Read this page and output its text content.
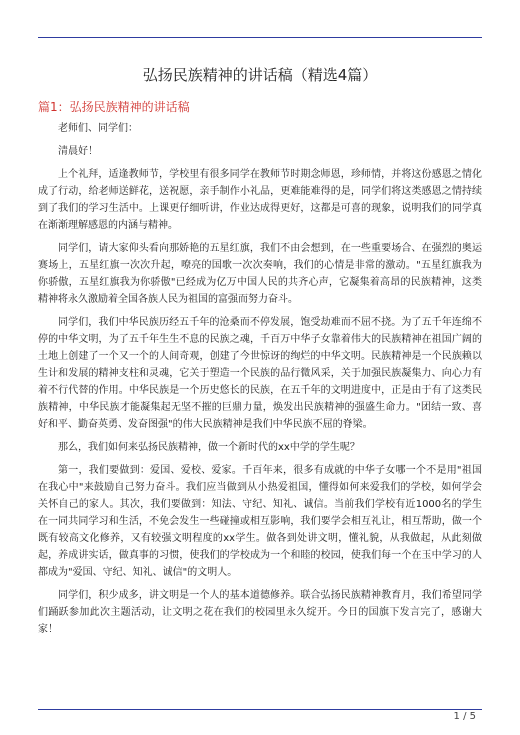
弘扬民族精神的讲话稿（精选4篇）
篇1：弘扬民族精神的讲话稿

老师们、同学们：

清晨好！

上个礼拜，适逢教师节，学校里有很多同学在教师节时期念师恩，珍师情，并将这份感恩之情化成了行动，给老师送鲜花，送祝愿，亲手制作小礼品，更难能难得的是，同学们将这类感恩之情持续到了我们的学习生活中。上课更仔细听讲，作业达成得更好，这都是可喜的现象，说明我们的同学真在渐渐理解感恩的内涵与精神。

同学们，请大家仰头看向那娇艳的五星红旗，我们不由会想到，在一些重要场合、在强烈的奥运赛场上，五星红旗一次次升起，嘹亮的国歌一次次奏响，我们的心情是非常的激动。"五星红旗我为你骄傲，五星红旗我为你骄傲"已经成为亿万中国人民的共齐心声，它凝集着高昂的民族精神，这类精神将永久激励着全国各族人民为祖国的富强而努力奋斗。

同学们，我们中华民族历经五千年的沧桑而不停发展，饱受劫难而不屈不挠。为了五千年连绵不停的中华文明，为了五千年生生不息的民族之魂，千百万中华子女靠着伟大的民族精神在祖国广阔的土地上创建了一个又一个的人间奇观，创建了今世惊讶的绚烂的中华文明。民族精神是一个民族赖以生计和发展的精神支柱和灵魂，它关于塑造一个民族的品行微风采，关于加强民族凝集力、向心力有着不行代替的作用。中华民族是一个历史悠长的民族，在五千年的文明进度中，正是由于有了这类民族精神，中华民族才能凝集起无坚不摧的巨鼎力量，焕发出民族精神的强盛生命力。"团结一致、喜好和平、勤奋英勇、发奋图强"的伟大民族精神是我们中华民族不屈的脊梁。

那么，我们如何来弘扬民族精神，做一个新时代的xx中学的学生呢？

第一，我们要做到：爱国、爱校、爱家。千百年来，很多有成就的中华子女哪一个不是用"祖国在我心中"来鼓励自己努力奋斗。我们应当做到从小热爱祖国，懂得如何来爱我们的学校，如何学会关怀自己的家人。其次，我们要做到：知法、守纪、知礼、诚信。当前我们学校有近1000名的学生在一同共同学习和生活，不免会发生一些碰撞或相互影响，我们要学会相互礼让，相互帮助，做一个既有较高文化修养，又有较强文明程度的xx学生。做各到处讲文明，懂礼貌，从我做起，从此刻做起，养成讲实话，做真事的习惯，使我们的学校成为一个和睦的校园，使我们每一个在玉中学习的人都成为"爱国、守纪、知礼、诚信"的文明人。

同学们，积少成多，讲文明是一个人的基本道德修养。联合弘扬民族精神教育月，我们希望同学们踊跃参加此次主题活动，让文明之花在我们的校园里永久绽开。今日的国旗下发言完了，感谢大家！

1 / 5
